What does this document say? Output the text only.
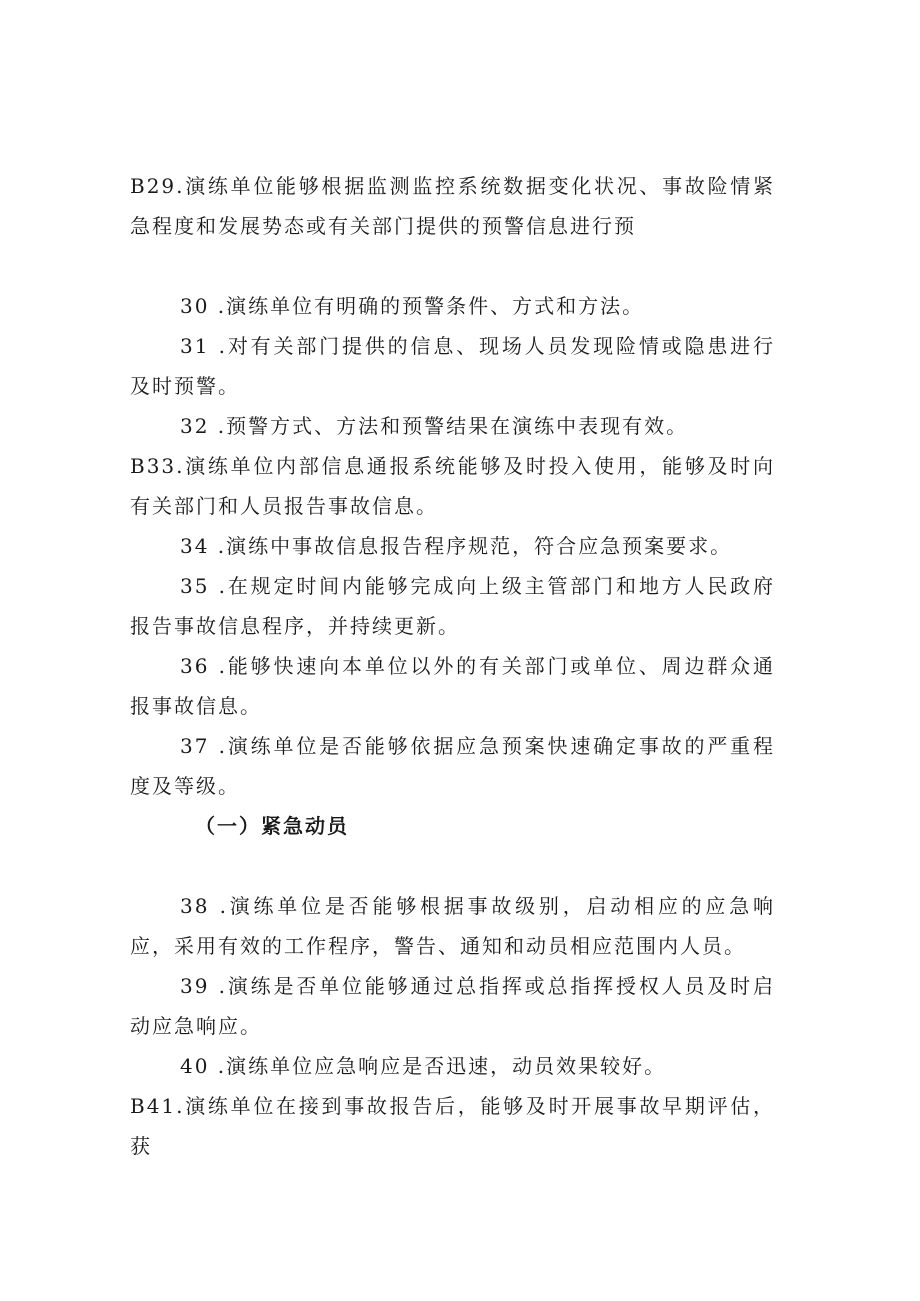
B29.演练单位能够根据监测监控系统数据变化状况、事故险情紧急程度和发展势态或有关部门提供的预警信息进行预

30 .演练单位有明确的预警条件、方式和方法。

31 .对有关部门提供的信息、现场人员发现险情或隐患进行及时预警。

32 .预警方式、方法和预警结果在演练中表现有效。

B33.演练单位内部信息通报系统能够及时投入使用，能够及时向有关部门和人员报告事故信息。

34 .演练中事故信息报告程序规范，符合应急预案要求。

35 .在规定时间内能够完成向上级主管部门和地方人民政府报告事故信息程序，并持续更新。

36 .能够快速向本单位以外的有关部门或单位、周边群众通报事故信息。

37 .演练单位是否能够依据应急预案快速确定事故的严重程度及等级。

（一）紧急动员

38 .演练单位是否能够根据事故级别，启动相应的应急响应，采用有效的工作程序，警告、通知和动员相应范围内人员。

39 .演练是否单位能够通过总指挥或总指挥授权人员及时启动应急响应。

40 .演练单位应急响应是否迅速，动员效果较好。

B41.演练单位在接到事故报告后，能够及时开展事故早期评估，获
